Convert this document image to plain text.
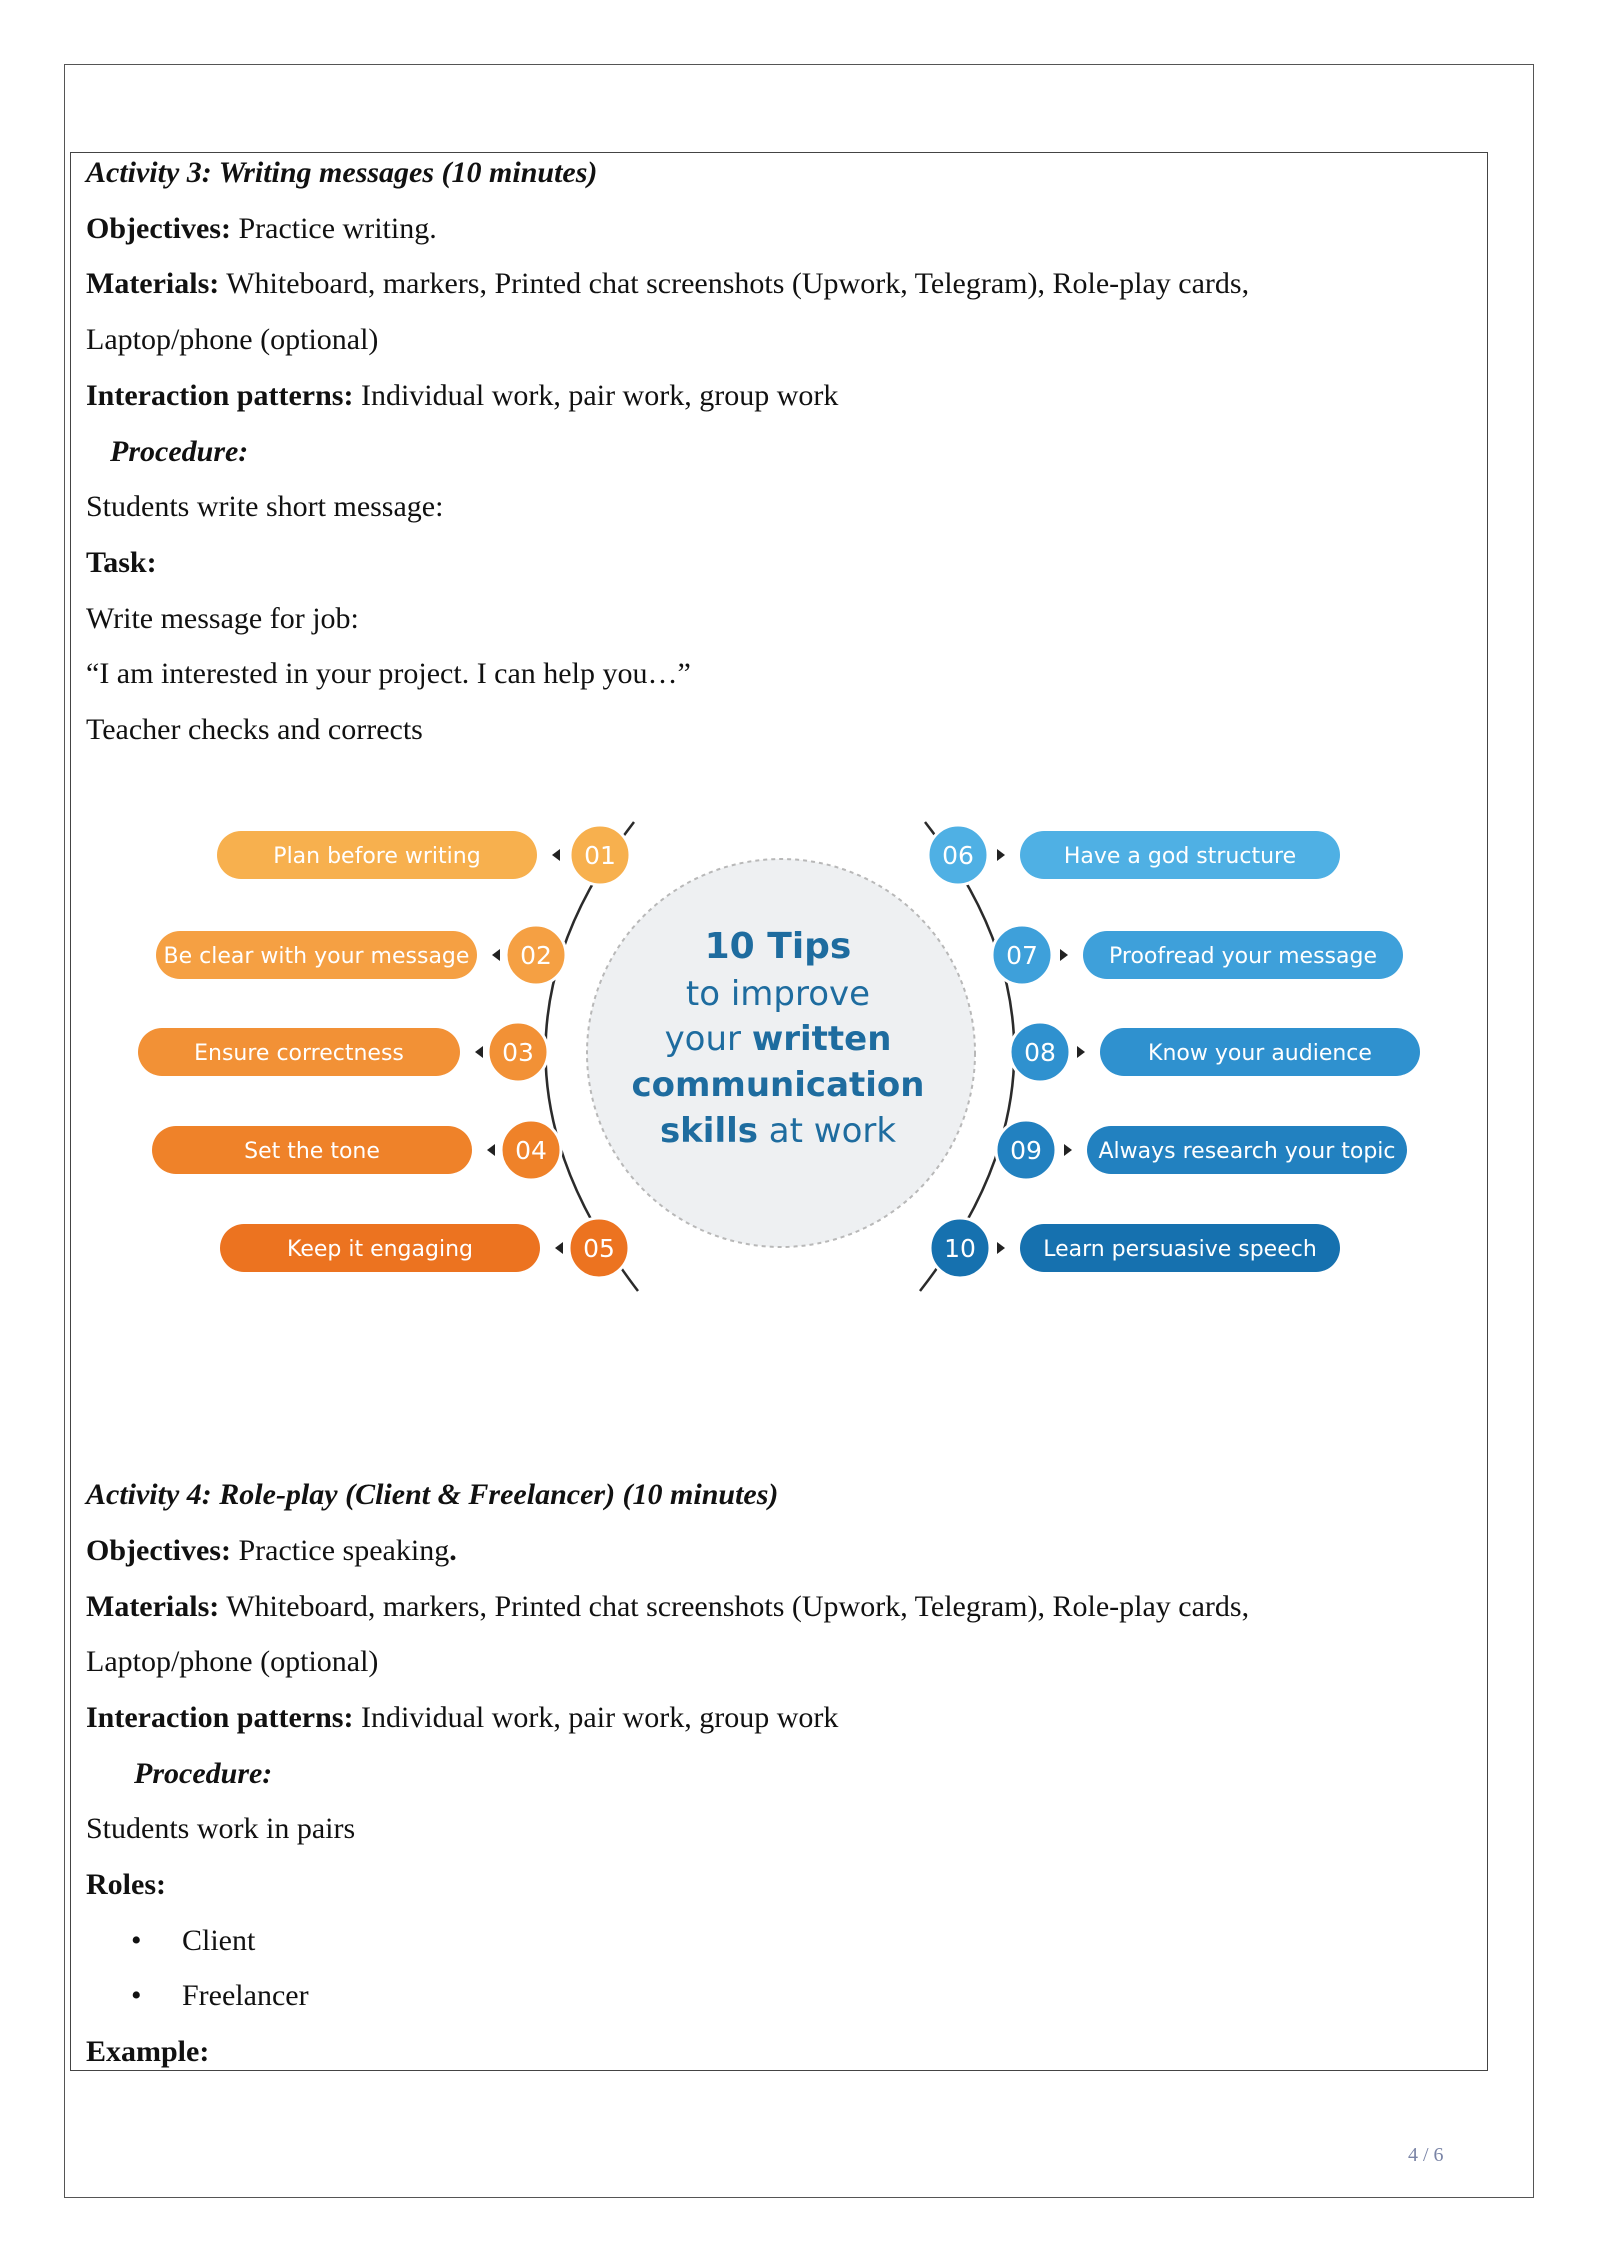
Activity 3: Writing messages (10 minutes)
Objectives: Practice writing.
Materials: Whiteboard, markers, Printed chat screenshots (Upwork, Telegram), Role-play cards,
Laptop/phone (optional)
Interaction patterns: Individual work, pair work, group work
Procedure:
Students write short message:
Task:
Write message for job:
“I am interested in your project. I can help you…”
Teacher checks and corrects
10 Tips
to improve
your written
communication
skills at work
Plan before writing	01
Be clear with your message 02
Ensure correctness	03
Set the tone	04
Keep it engaging	05
Have a god structure
06
Proofread your message
07
Know your audience
08
Always research your topic
09
Learn persuasive speech
10
Activity 4: Role-play (Client & Freelancer) (10 minutes)
Objectives: Practice speaking.
Materials: Whiteboard, markers, Printed chat screenshots (Upwork, Telegram), Role-play cards,
Laptop/phone (optional)
Interaction patterns: Individual work, pair work, group work
Procedure:
Students work in pairs
Roles:
• Client
• Freelancer
Example:
4 / 6
